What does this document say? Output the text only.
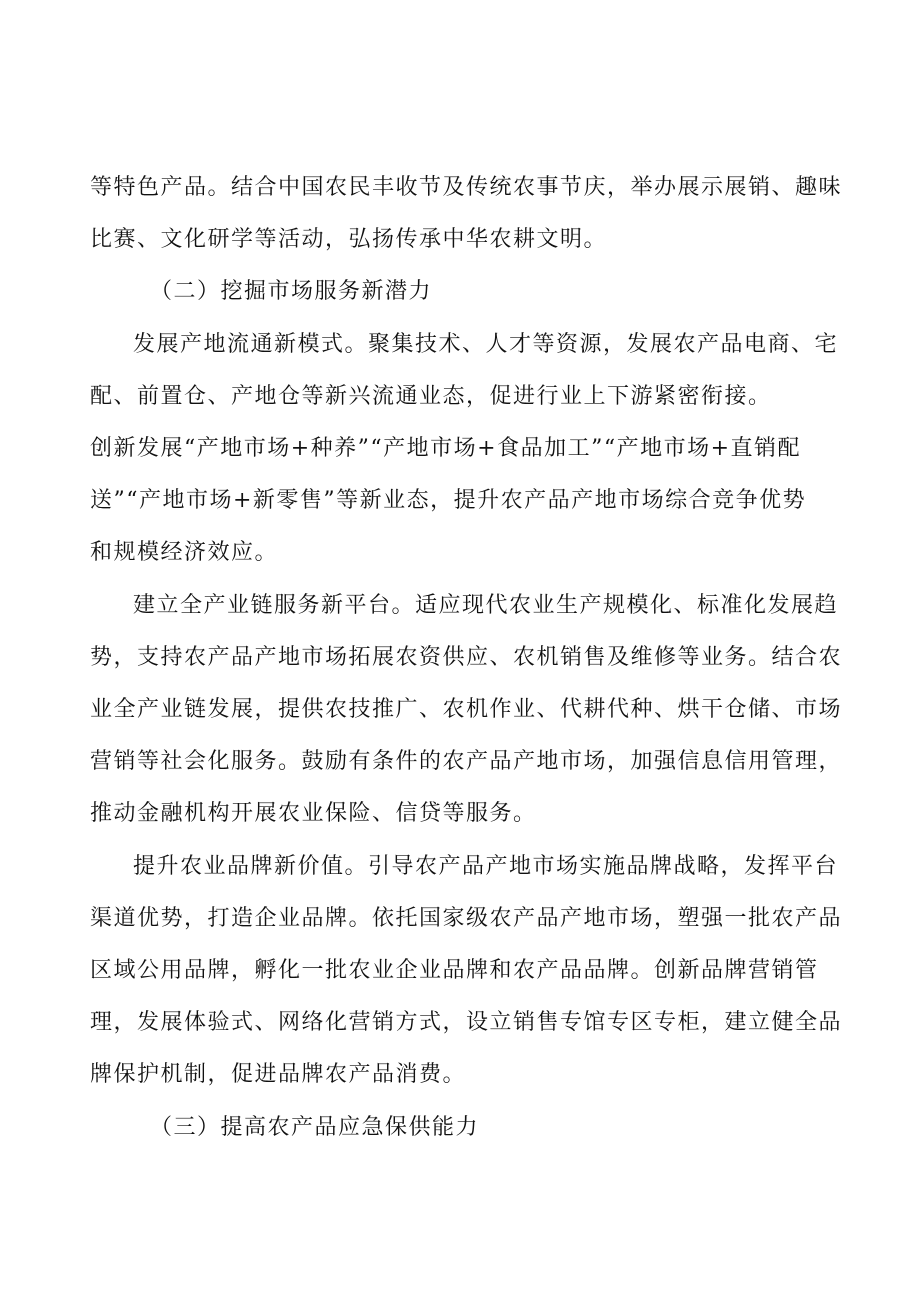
等特色产品。结合中国农民丰收节及传统农事节庆，举办展示展销、趣味
比赛、文化研学等活动，弘扬传承中华农耕文明。
（二）挖掘市场服务新潜力
发展产地流通新模式。聚集技术、人才等资源，发展农产品电商、宅
配、前置仓、产地仓等新兴流通业态，促进行业上下游紧密衔接。
创新发展“产地市场+种养”“产地市场+食品加工”“产地市场+直销配
送”“产地市场+新零售”等新业态，提升农产品产地市场综合竞争优势
和规模经济效应。
建立全产业链服务新平台。适应现代农业生产规模化、标准化发展趋
势，支持农产品产地市场拓展农资供应、农机销售及维修等业务。结合农
业全产业链发展，提供农技推广、农机作业、代耕代种、烘干仓储、市场
营销等社会化服务。鼓励有条件的农产品产地市场，加强信息信用管理，
推动金融机构开展农业保险、信贷等服务。
提升农业品牌新价值。引导农产品产地市场实施品牌战略，发挥平台
渠道优势，打造企业品牌。依托国家级农产品产地市场，塑强一批农产品
区域公用品牌，孵化一批农业企业品牌和农产品品牌。创新品牌营销管
理，发展体验式、网络化营销方式，设立销售专馆专区专柜，建立健全品
牌保护机制，促进品牌农产品消费。
（三）提高农产品应急保供能力
